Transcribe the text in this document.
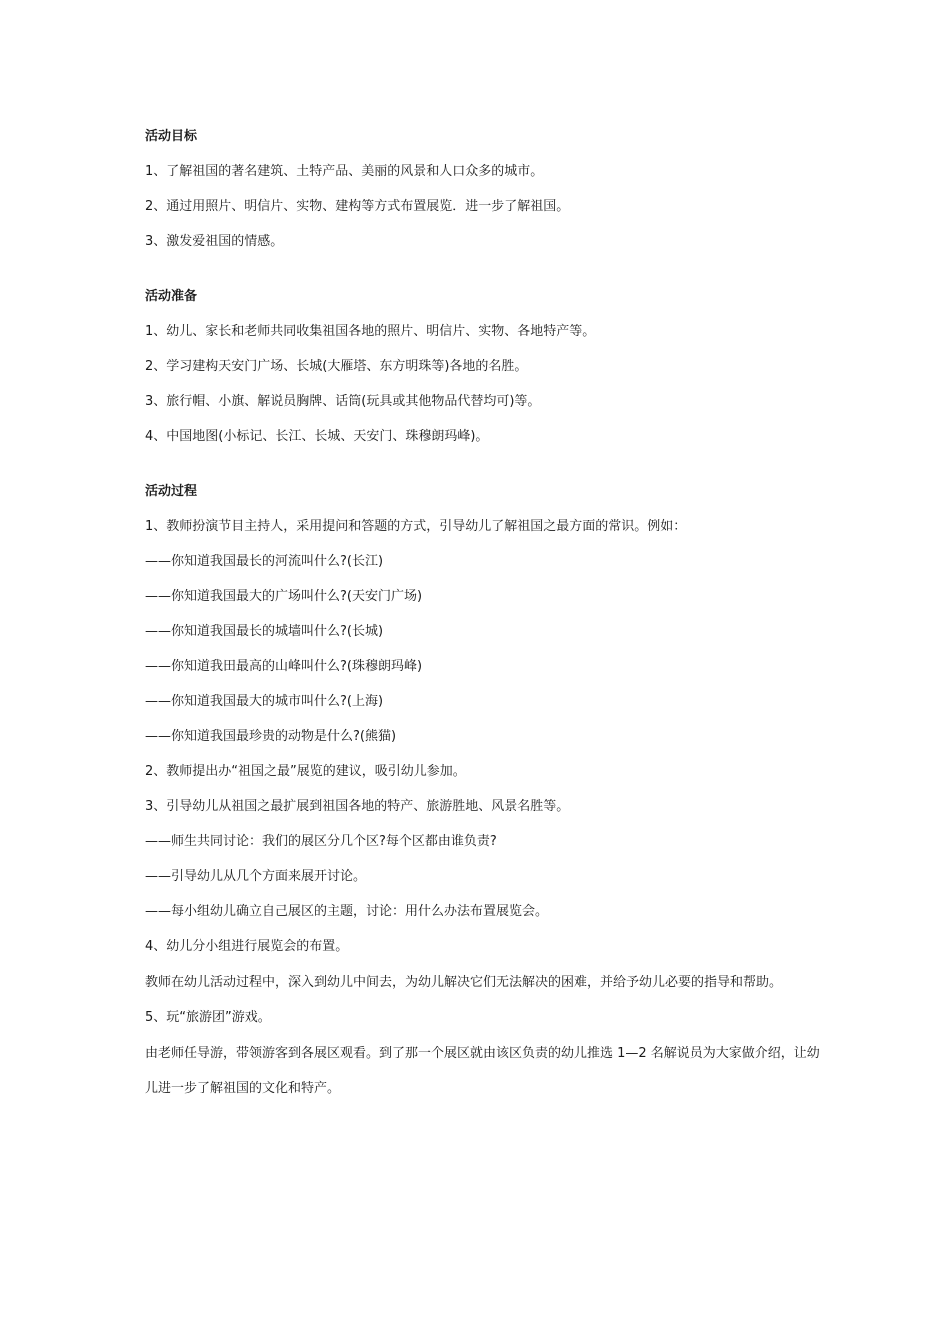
活动目标
1、了解祖国的著名建筑、土特产品、美丽的风景和人口众多的城市。
2、通过用照片、明信片、实物、建构等方式布置展览．进一步了解祖国。
3、激发爱祖国的情感。
活动准备
1、幼儿、家长和老师共同收集祖国各地的照片、明信片、实物、各地特产等。
2、学习建构天安门广场、长城(大雁塔、东方明珠等)各地的名胜。
3、旅行帽、小旗、解说员胸牌、话筒(玩具或其他物品代替均可)等。
4、中国地图(小标记、长江、长城、天安门、珠穆朗玛峰)。
活动过程
1、教师扮演节目主持人，采用提问和答题的方式，引导幼儿了解祖国之最方面的常识。例如：
——你知道我国最长的河流叫什么?(长江)
——你知道我国最大的广场叫什么?(天安门广场)
——你知道我国最长的城墙叫什么?(长城)
——你知道我田最高的山峰叫什么?(珠穆朗玛峰)
——你知道我国最大的城市叫什么?(上海)
——你知道我国最珍贵的动物是什么?(熊猫)
2、教师提出办“祖国之最”展览的建议，吸引幼儿参加。
3、引导幼儿从祖国之最扩展到祖国各地的特产、旅游胜地、风景名胜等。
——师生共同讨论：我们的展区分几个区?每个区都由谁负责?
——引导幼儿从几个方面来展开讨论。
——每小组幼儿确立自己展区的主题，讨论：用什么办法布置展览会。
4、幼儿分小组进行展览会的布置。
教师在幼儿活动过程中，深入到幼儿中间去，为幼儿解决它们无法解决的困难，并给予幼儿必要的指导和帮助。
5、玩“旅游团”游戏。
由老师任导游，带领游客到各展区观看。到了那一个展区就由该区负责的幼儿推选 1—2 名解说员为大家做介绍，让幼儿进一步了解祖国的文化和特产。
